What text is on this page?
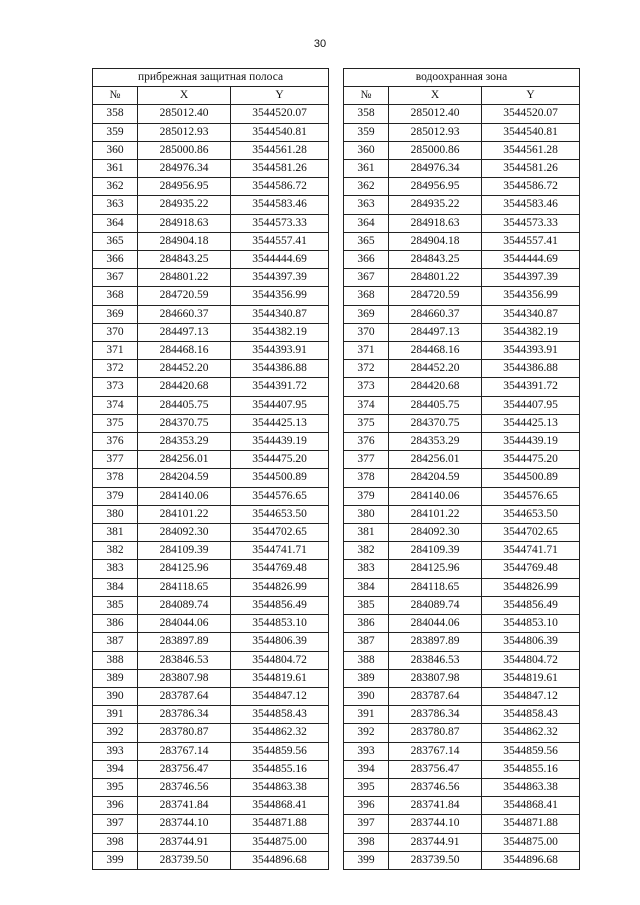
30
прибрежная защитная полоса		
№	X	Y
358	285012.40	3544520.07
359	285012.93	3544540.81
360	285000.86	3544561.28
361	284976.34	3544581.26
362	284956.95	3544586.72
363	284935.22	3544583.46
364	284918.63	3544573.33
365	284904.18	3544557.41
366	284843.25	3544444.69
367	284801.22	3544397.39
368	284720.59	3544356.99
369	284660.37	3544340.87
370	284497.13	3544382.19
371	284468.16	3544393.91
372	284452.20	3544386.88
373	284420.68	3544391.72
374	284405.75	3544407.95
375	284370.75	3544425.13
376	284353.29	3544439.19
377	284256.01	3544475.20
378	284204.59	3544500.89
379	284140.06	3544576.65
380	284101.22	3544653.50
381	284092.30	3544702.65
382	284109.39	3544741.71
383	284125.96	3544769.48
384	284118.65	3544826.99
385	284089.74	3544856.49
386	284044.06	3544853.10
387	283897.89	3544806.39
388	283846.53	3544804.72
389	283807.98	3544819.61
390	283787.64	3544847.12
391	283786.34	3544858.43
392	283780.87	3544862.32
393	283767.14	3544859.56
394	283756.47	3544855.16
395	283746.56	3544863.38
396	283741.84	3544868.41
397	283744.10	3544871.88
398	283744.91	3544875.00
399	283739.50	3544896.68
водоохранная зона		
№	X	Y
358	285012.40	3544520.07
359	285012.93	3544540.81
360	285000.86	3544561.28
361	284976.34	3544581.26
362	284956.95	3544586.72
363	284935.22	3544583.46
364	284918.63	3544573.33
365	284904.18	3544557.41
366	284843.25	3544444.69
367	284801.22	3544397.39
368	284720.59	3544356.99
369	284660.37	3544340.87
370	284497.13	3544382.19
371	284468.16	3544393.91
372	284452.20	3544386.88
373	284420.68	3544391.72
374	284405.75	3544407.95
375	284370.75	3544425.13
376	284353.29	3544439.19
377	284256.01	3544475.20
378	284204.59	3544500.89
379	284140.06	3544576.65
380	284101.22	3544653.50
381	284092.30	3544702.65
382	284109.39	3544741.71
383	284125.96	3544769.48
384	284118.65	3544826.99
385	284089.74	3544856.49
386	284044.06	3544853.10
387	283897.89	3544806.39
388	283846.53	3544804.72
389	283807.98	3544819.61
390	283787.64	3544847.12
391	283786.34	3544858.43
392	283780.87	3544862.32
393	283767.14	3544859.56
394	283756.47	3544855.16
395	283746.56	3544863.38
396	283741.84	3544868.41
397	283744.10	3544871.88
398	283744.91	3544875.00
399	283739.50	3544896.68
